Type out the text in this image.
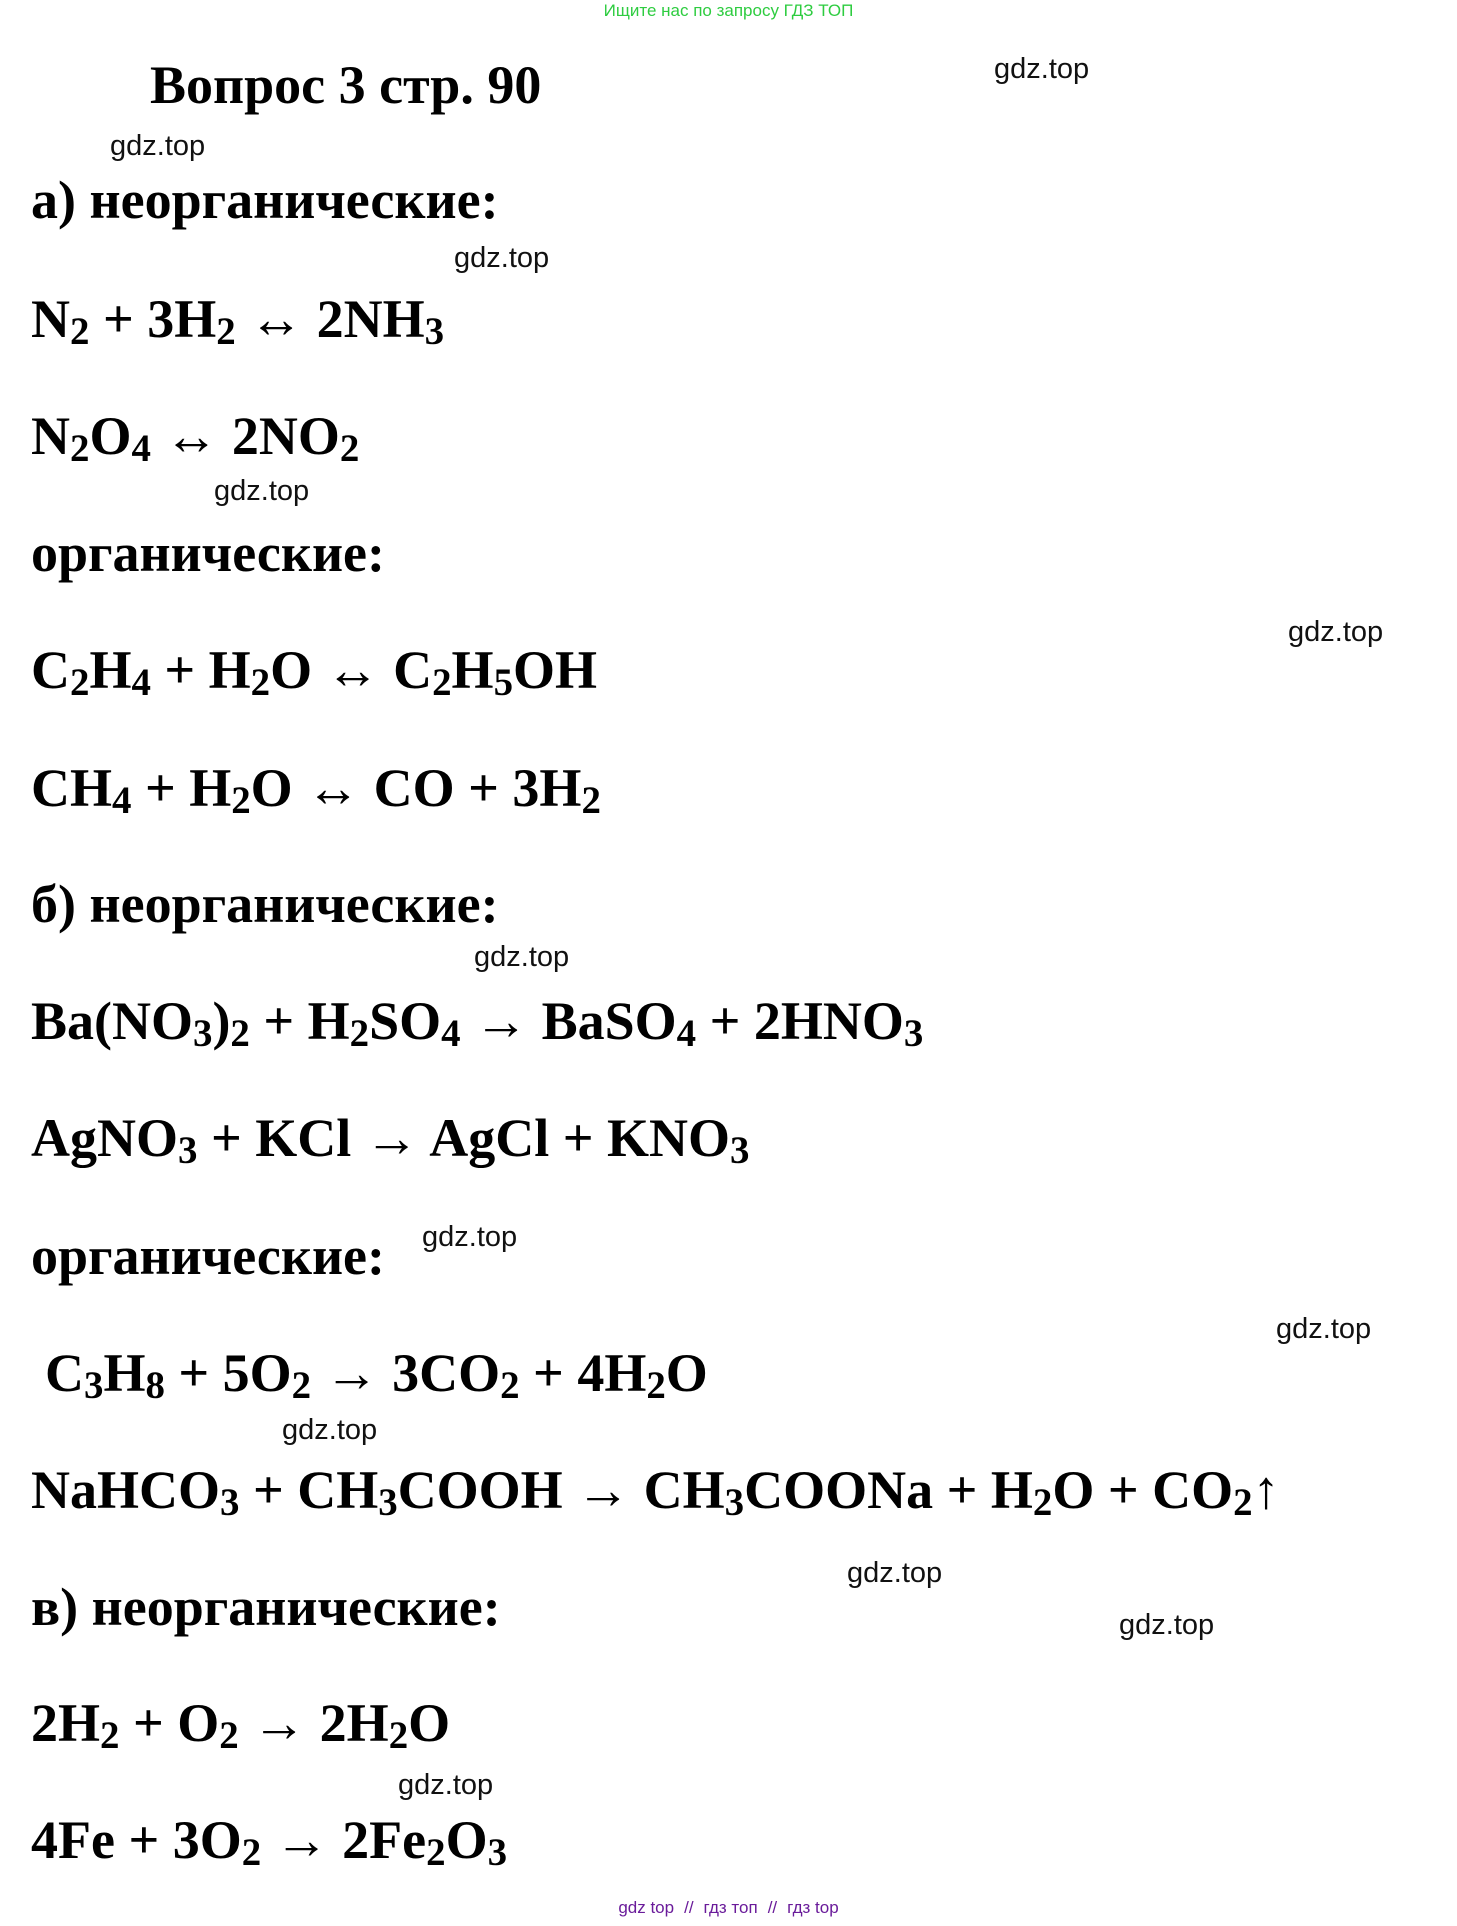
Ищите нас по запросу ГДЗ ТОП
Вопрос 3 стр. 90	gdz.top
gdz.top
gdz.top
gdz.top
gdz.top
gdz.top
gdz.top
gdz.top
gdz.top
gdz.top
gdz.top
gdz.top
а) неорганические:
$N_2 + 3H_2$ ↔ $2NH_3$
$N_2O_4$ ↔ $2NO_2$
органические:
$C_2H_4 + H_2O$ ↔ $C_2H_5OH$
$CH_4 + H_2O$ ↔ CO + $3H_2$
б) неорганические:
$Ba(NO_3)_2 + H_2SO_4$ → BaSO$_4$ + $2HNO_3$
AgNO$_3$ + KCl → AgCl + $KNO_3$
органические:
$C_3H_8 + 5O_2 \to 3CO_2 + 4H_2O$
NaHCO$_3$ + $CH_3COOH$ → $CH_3COONa + H_2O$ + $CO_2↑$
в) неорганические:
$2H_2 + O_2 \to 2H_2O$
$4Fe + 3O_2 \to 2Fe_2O_3$
gdz top // гдз топ // гдз top
